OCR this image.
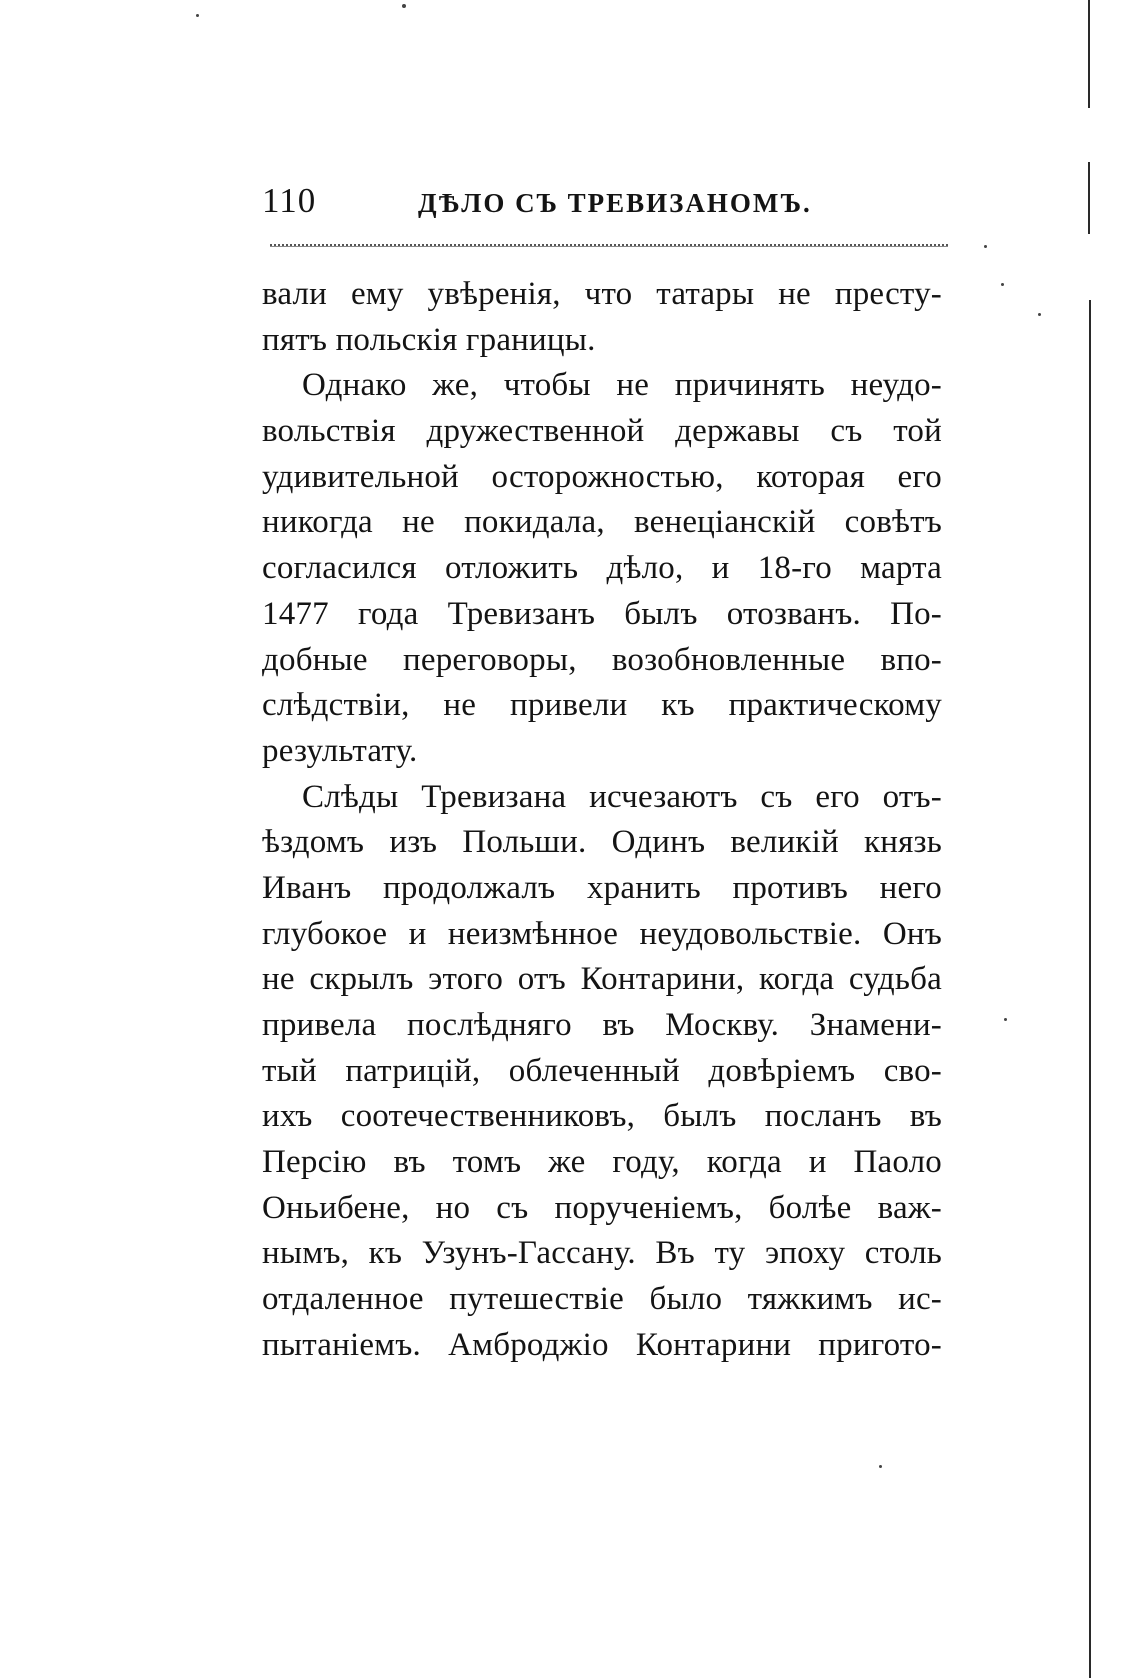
110	ДѢЛО СЪ ТРЕВИЗАНОМЪ.
вали ему увѣренія, что татары не престу-
пятъ польскія границы.
Однако же, чтобы не причинять неудо-
вольствія дружественной державы съ той
удивительной осторожностью, которая его
никогда не покидала, венеціанскій совѣтъ
согласился отложить дѣло, и 18-го марта
1477 года Тревизанъ былъ отозванъ. По-
добные переговоры, возобновленные впо-
слѣдствіи, не привели къ практическому
результату.
Слѣды Тревизана исчезаютъ съ его отъ-
ѣздомъ изъ Польши. Одинъ великій князь
Иванъ продолжалъ хранить противъ него
глубокое и неизмѣнное неудовольствіе. Онъ
не скрылъ этого отъ Контарини, когда судьба
привела послѣдняго въ Москву. Знамени-
тый патрицій, облеченный довѣріемъ сво-
ихъ соотечественниковъ, былъ посланъ въ
Персію въ томъ же году, когда и Паоло
Оньибене, но съ порученіемъ, болѣе важ-
нымъ, къ Узунъ-Гассану. Въ ту эпоху столь
отдаленное путешествіе было тяжкимъ ис-
пытаніемъ. Амброджіо Контарини пригото-
